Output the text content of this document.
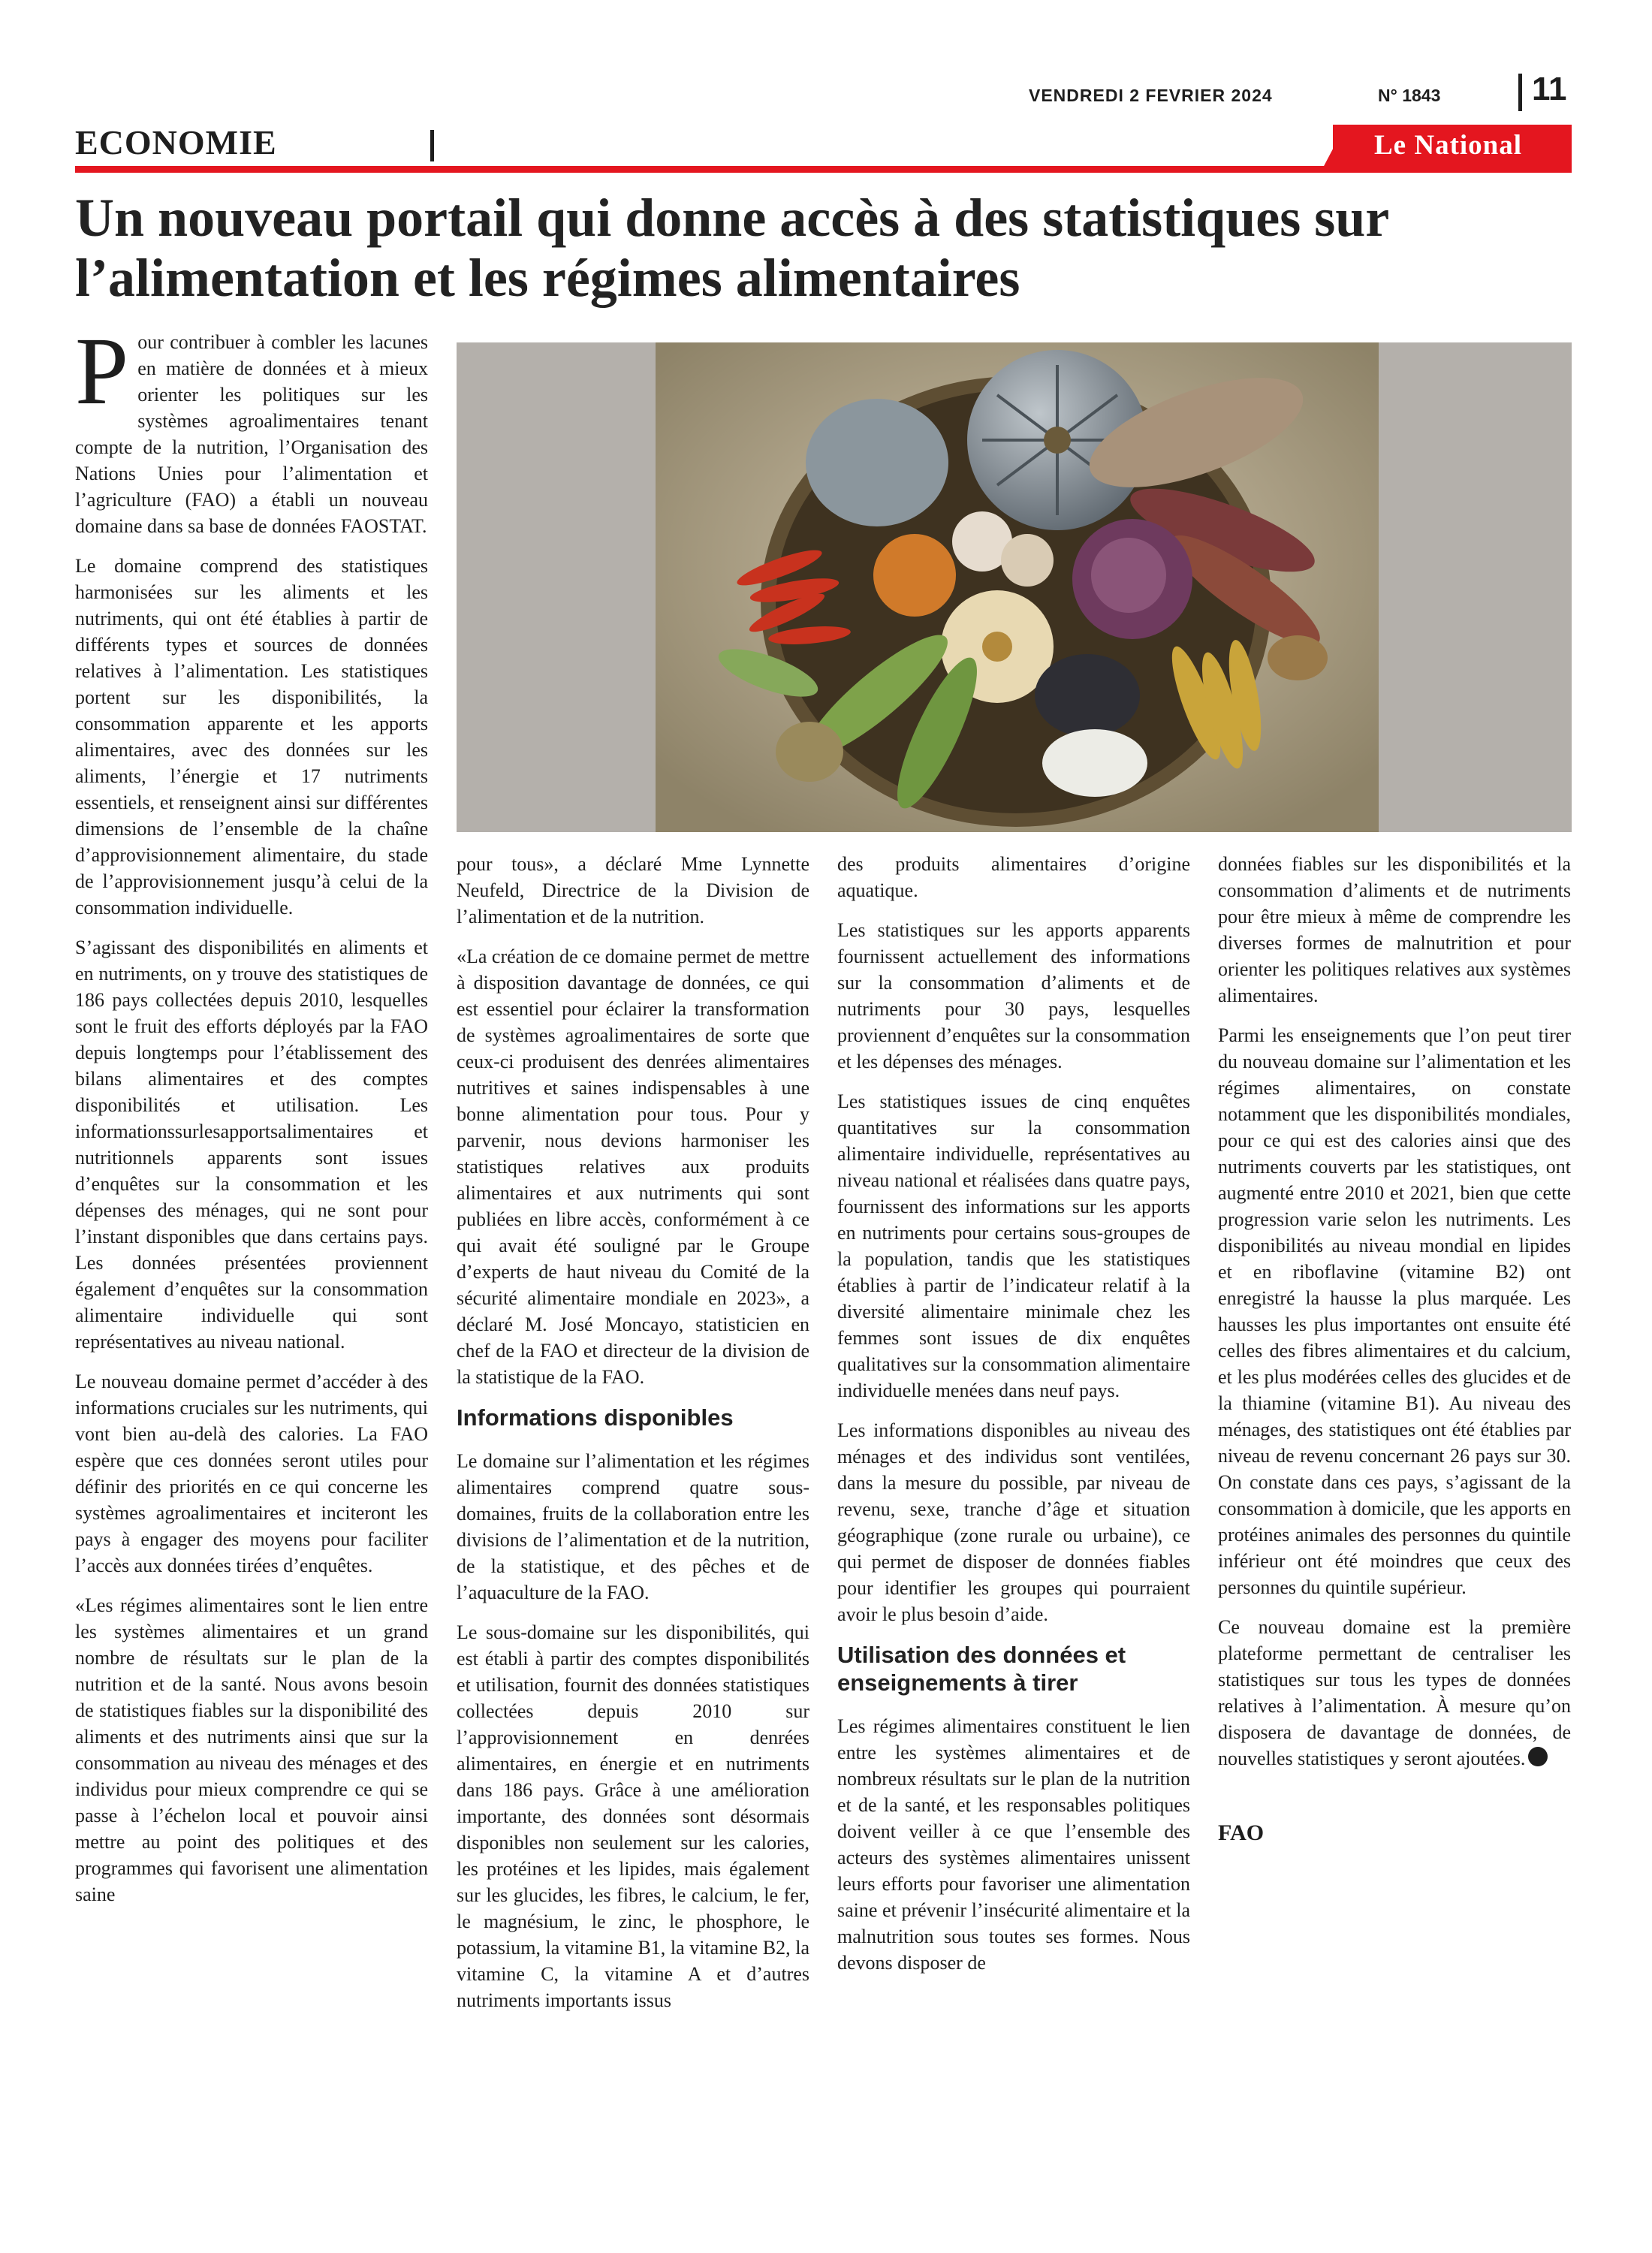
VENDREDI 2 FEVRIER 2024	N° 1843	11
ECONOMIE	Le National
Un nouveau portail qui donne accès à des statistiques sur l’alimentation et les régimes alimentaires

Pour contribuer à combler les lacunes en matière de données et à mieux orienter les politiques sur les systèmes agroalimentaires tenant compte de la nutrition, l’Organisation des Nations Unies pour l’alimentation et l’agriculture (FAO) a établi un nouveau domaine dans sa base de données FAOSTAT.

Le domaine comprend des statistiques harmonisées sur les aliments et les nutriments, qui ont été établies à partir de différents types et sources de données relatives à l’alimentation. Les statistiques portent sur les disponibilités, la consommation apparente et les apports alimentaires, avec des données sur les aliments, l’énergie et 17 nutriments essentiels, et renseignent ainsi sur différentes dimensions de l’ensemble de la chaîne d’approvisionnement alimentaire, du stade de l’approvisionnement jusqu’à celui de la consommation individuelle.

S’agissant des disponibilités en aliments et en nutriments, on y trouve des statistiques de 186 pays collectées depuis 2010, lesquelles sont le fruit des efforts déployés par la FAO depuis longtemps pour l’établissement des bilans alimentaires et des comptes disponibilités et utilisation. Les informationssurlesapportsalimentaires et nutritionnels apparents sont issues d’enquêtes sur la consommation et les dépenses des ménages, qui ne sont pour l’instant disponibles que dans certains pays. Les données présentées proviennent également d’enquêtes sur la consommation alimentaire individuelle qui sont représentatives au niveau national.

Le nouveau domaine permet d’accéder à des informations cruciales sur les nutriments, qui vont bien au-delà des calories. La FAO espère que ces données seront utiles pour définir des priorités en ce qui concerne les systèmes agroalimentaires et inciteront les pays à engager des moyens pour faciliter l’accès aux données tirées d’enquêtes.

«Les régimes alimentaires sont le lien entre les systèmes alimentaires et un grand nombre de résultats sur le plan de la nutrition et de la santé. Nous avons besoin de statistiques fiables sur la disponibilité des aliments et des nutriments ainsi que sur la consommation au niveau des ménages et des individus pour mieux comprendre ce qui se passe à l’échelon local et pouvoir ainsi mettre au point des politiques et des programmes qui favorisent une alimentation saine

pour tous», a déclaré Mme Lynnette Neufeld, Directrice de la Division de l’alimentation et de la nutrition.

«La création de ce domaine permet de mettre à disposition davantage de données, ce qui est essentiel pour éclairer la transformation de systèmes agroalimentaires de sorte que ceux-ci produisent des denrées alimentaires nutritives et saines indispensables à une bonne alimentation pour tous. Pour y parvenir, nous devions harmoniser les statistiques relatives aux produits alimentaires et aux nutriments qui sont publiées en libre accès, conformément à ce qui avait été souligné par le Groupe d’experts de haut niveau du Comité de la sécurité alimentaire mondiale en 2023», a déclaré M. José Moncayo, statisticien en chef de la FAO et directeur de la division de la statistique de la FAO.

Informations disponibles

Le domaine sur l’alimentation et les régimes alimentaires comprend quatre sous-domaines, fruits de la collaboration entre les divisions de l’alimentation et de la nutrition, de la statistique, et des pêches et de l’aquaculture de la FAO.

Le sous-domaine sur les disponibilités, qui est établi à partir des comptes disponibilités et utilisation, fournit des données statistiques collectées depuis 2010 sur l’approvisionnement en denrées alimentaires, en énergie et en nutriments dans 186 pays. Grâce à une amélioration importante, des données sont désormais disponibles non seulement sur les calories, les protéines et les lipides, mais également sur les glucides, les fibres, le calcium, le fer, le magnésium, le zinc, le phosphore, le potassium, la vitamine B1, la vitamine B2, la vitamine C, la vitamine A et d’autres nutriments importants issus

des produits alimentaires d’origine aquatique.

Les statistiques sur les apports apparents fournissent actuellement des informations sur la consommation d’aliments et de nutriments pour 30 pays, lesquelles proviennent d’enquêtes sur la consommation et les dépenses des ménages.

Les statistiques issues de cinq enquêtes quantitatives sur la consommation alimentaire individuelle, représentatives au niveau national et réalisées dans quatre pays, fournissent des informations sur les apports en nutriments pour certains sous-groupes de la population, tandis que les statistiques établies à partir de l’indicateur relatif à la diversité alimentaire minimale chez les femmes sont issues de dix enquêtes qualitatives sur la consommation alimentaire individuelle menées dans neuf pays.

Les informations disponibles au niveau des ménages et des individus sont ventilées, dans la mesure du possible, par niveau de revenu, sexe, tranche d’âge et situation géographique (zone rurale ou urbaine), ce qui permet de disposer de données fiables pour identifier les groupes qui pourraient avoir le plus besoin d’aide.

Utilisation des données et enseignements à tirer

Les régimes alimentaires constituent le lien entre les systèmes alimentaires et de nombreux résultats sur le plan de la nutrition et de la santé, et les responsables politiques doivent veiller à ce que l’ensemble des acteurs des systèmes alimentaires unissent leurs efforts pour favoriser une alimentation saine et prévenir l’insécurité alimentaire et la malnutrition sous toutes ses formes. Nous devons disposer de

données fiables sur les disponibilités et la consommation d’aliments et de nutriments pour être mieux à même de comprendre les diverses formes de malnutrition et pour orienter les politiques relatives aux systèmes alimentaires.

Parmi les enseignements que l’on peut tirer du nouveau domaine sur l’alimentation et les régimes alimentaires, on constate notamment que les disponibilités mondiales, pour ce qui est des calories ainsi que des nutriments couverts par les statistiques, ont augmenté entre 2010 et 2021, bien que cette progression varie selon les nutriments. Les disponibilités au niveau mondial en lipides et en riboflavine (vitamine B2) ont enregistré la hausse la plus marquée. Les hausses les plus importantes ont ensuite été celles des fibres alimentaires et du calcium, et les plus modérées celles des glucides et de la thiamine (vitamine B1). Au niveau des ménages, des statistiques ont été établies par niveau de revenu concernant 26 pays sur 30. On constate dans ces pays, s’agissant de la consommation à domicile, que les apports en protéines animales des personnes du quintile inférieur ont été moindres que ceux des personnes du quintile supérieur.

Ce nouveau domaine est la première plateforme permettant de centraliser les statistiques sur tous les types de données relatives à l’alimentation. À mesure qu’on disposera de davantage de données, de nouvelles statistiques y seront ajoutées.

FAO
